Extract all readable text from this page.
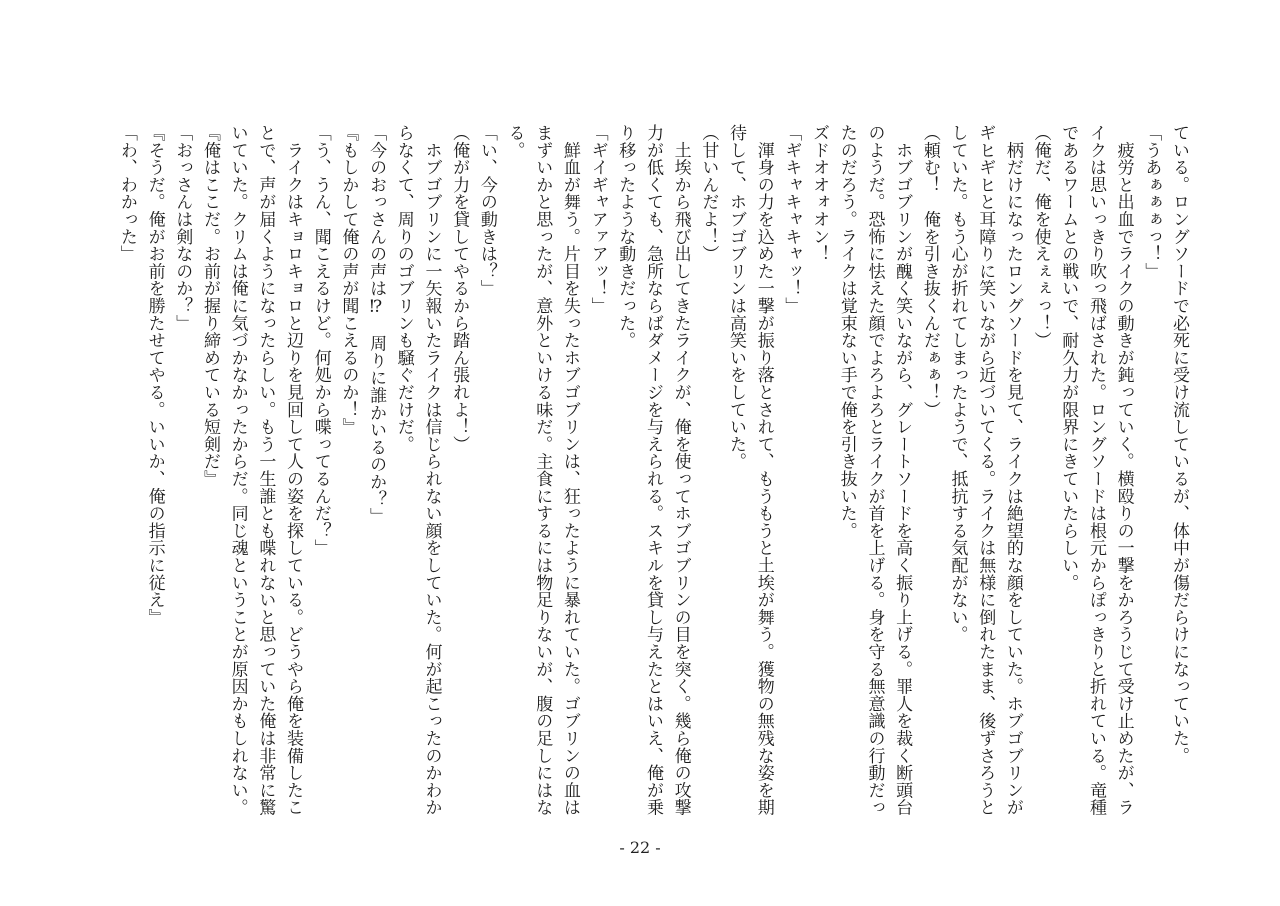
ている。ロングソードで必死に受け流しているが、体中が傷だらけになっていた。
「うあぁぁぁっ！」
　疲労と出血でライクの動きが鈍っていく。横殴りの一撃をかろうじて受け止めたが、ラ
イクは思いっきり吹っ飛ばされた。ロングソードは根元からぽっきりと折れている。竜種
であるワームとの戦いで、耐久力が限界にきていたらしい。
（俺だ、俺を使えぇぇっ！）
　柄だけになったロングソードを見て、ライクは絶望的な顔をしていた。ホブゴブリンが
ギヒギヒと耳障りに笑いながら近づいてくる。ライクは無様に倒れたまま、後ずさろうと
していた。もう心が折れてしまったようで、抵抗する気配がない。
（頼む！　俺を引き抜くんだぁぁ！）
　ホブゴブリンが醜く笑いながら、グレートソードを高く振り上げる。罪人を裁く断頭台
のようだ。恐怖に怯えた顔でよろよろとライクが首を上げる。身を守る無意識の行動だっ
たのだろう。ライクは覚束ない手で俺を引き抜いた。
ズドオオォオン！
「ギキャキャキャッ！」
　渾身の力を込めた一撃が振り落とされて、もうもうと土埃が舞う。獲物の無残な姿を期
待して、ホブゴブリンは高笑いをしていた。
（甘いんだよ！）
　土埃から飛び出してきたライクが、俺を使ってホブゴブリンの目を突く。幾ら俺の攻撃
力が低くても、急所ならばダメージを与えられる。スキルを貸し与えたとはいえ、俺が乗
り移ったような動きだった。
「ギイギャアァアッ！」
　鮮血が舞う。片目を失ったホブゴブリンは、狂ったように暴れていた。ゴブリンの血は
まずいかと思ったが、意外といける味だ。主食にするには物足りないが、腹の足しにはな
る。
「い、今の動きは？」
（俺が力を貸してやるから踏ん張れよ！）
　ホブゴブリンに一矢報いたライクは信じられない顔をしていた。何が起こったのかわか
らなくて、周りのゴブリンも騒ぐだけだ。
「今のおっさんの声は⁉　周りに誰かいるのか？」
『もしかして俺の声が聞こえるのか！』
「う、うん、聞こえるけど。何処から喋ってるんだ？」
　ライクはキョロキョロと辺りを見回して人の姿を探している。どうやら俺を装備したこ
とで、声が届くようになったらしい。もう一生誰とも喋れないと思っていた俺は非常に驚
いていた。クリムは俺に気づかなかったからだ。同じ魂ということが原因かもしれない。
『俺はここだ。お前が握り締めている短剣だ』
「おっさんは剣なのか？」
『そうだ。俺がお前を勝たせてやる。いいか、俺の指示に従え』
「わ、わかった」
- 22 -
